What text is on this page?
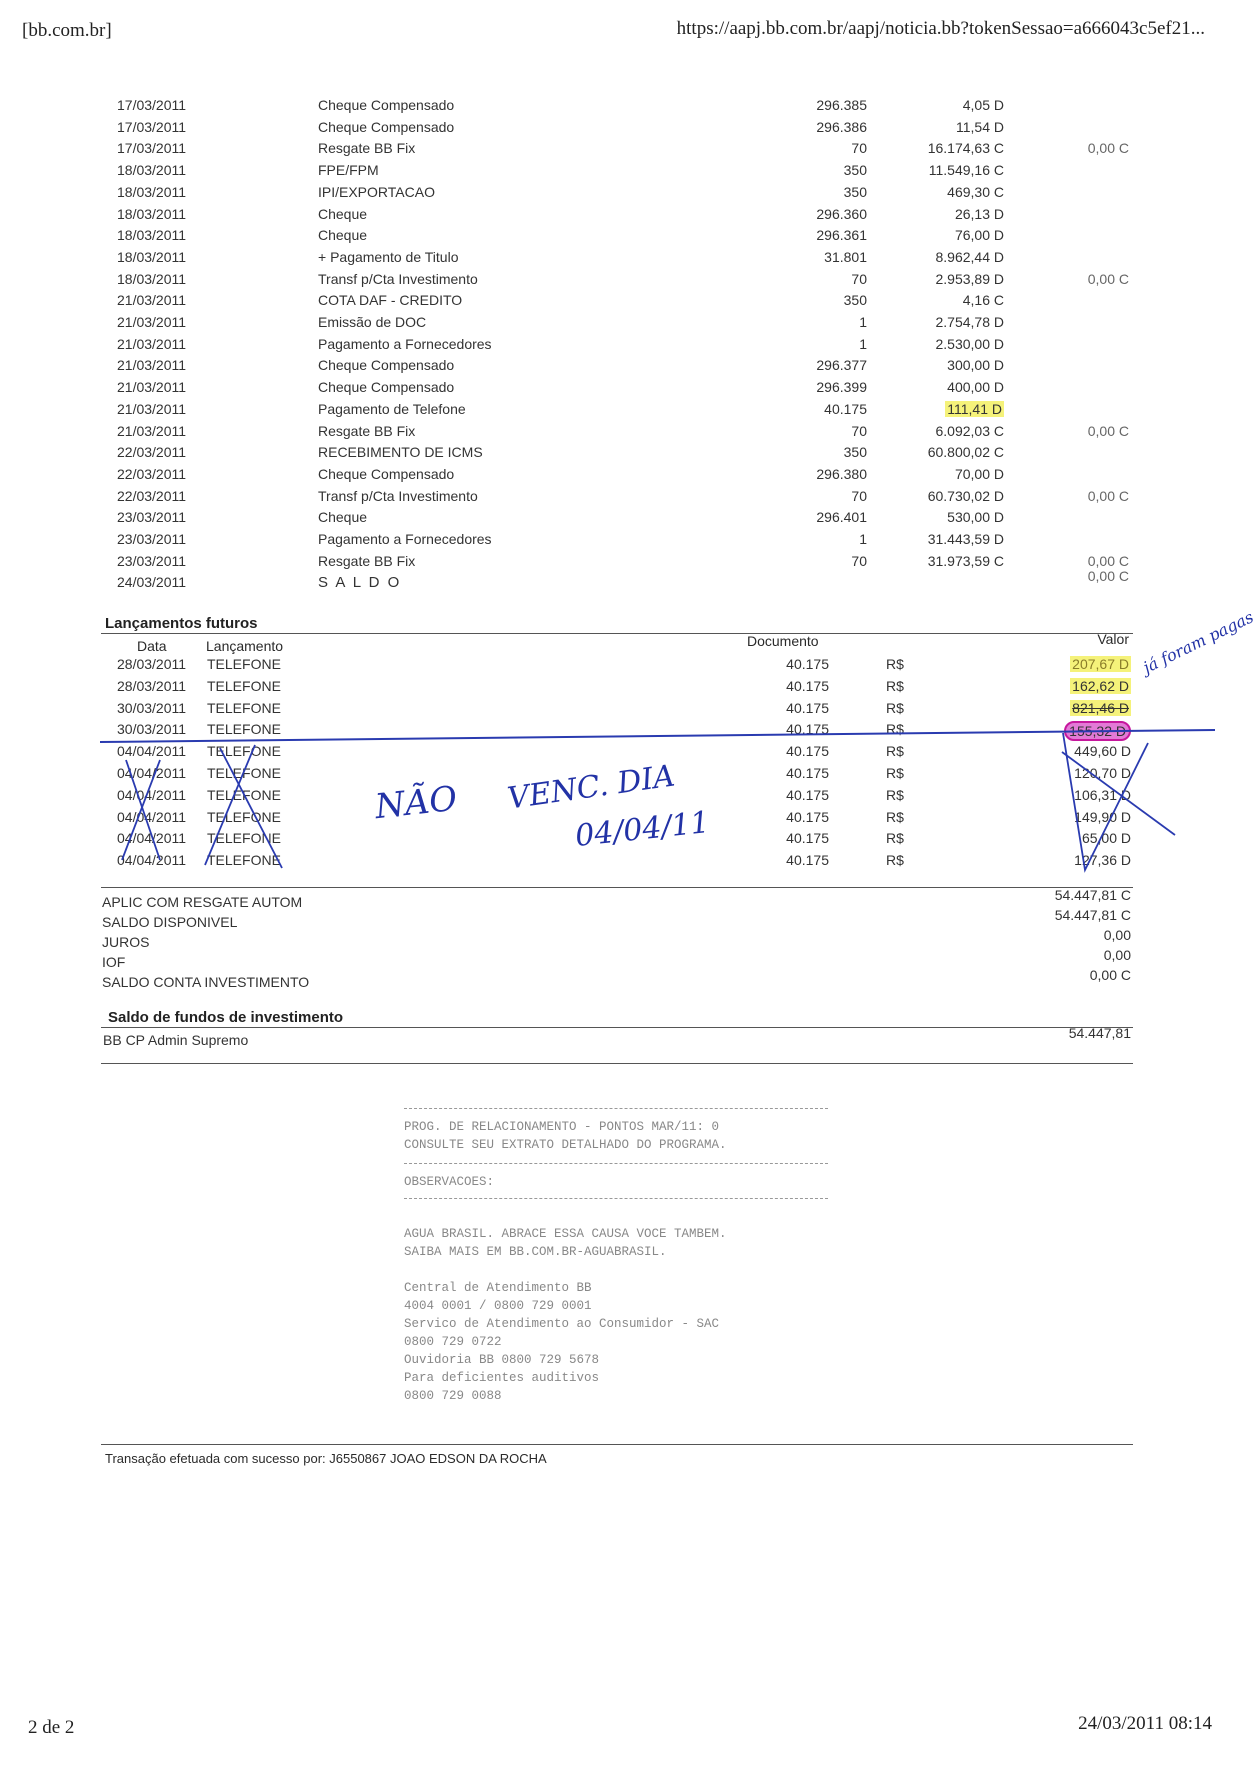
[bb.com.br]	https://aapj.bb.com.br/aapj/noticia.bb?tokenSessao=a666043c5ef21...
17/03/2011	Cheque Compensado	296.385	4,05 D
17/03/2011	Cheque Compensado	296.386	11,54 D
17/03/2011	Resgate BB Fix	70	16.174,63 C	0,00 C
18/03/2011	FPE/FPM	350	11.549,16 C
18/03/2011	IPI/EXPORTACAO	350	469,30 C
18/03/2011	Cheque	296.360	26,13 D
18/03/2011	Cheque	296.361	76,00 D
18/03/2011	+ Pagamento de Titulo	31.801	8.962,44 D
18/03/2011	Transf p/Cta Investimento	70	2.953,89 D	0,00 C
21/03/2011	COTA DAF - CREDITO	350	4,16 C
21/03/2011	Emissão de DOC	1	2.754,78 D
21/03/2011	Pagamento a Fornecedores	1	2.530,00 D
21/03/2011	Cheque Compensado	296.377	300,00 D
21/03/2011	Cheque Compensado	296.399	400,00 D
21/03/2011	Pagamento de Telefone	40.175	111,41 D
21/03/2011	Resgate BB Fix	70	6.092,03 C	0,00 C
22/03/2011	RECEBIMENTO DE ICMS	350	60.800,02 C
22/03/2011	Cheque Compensado	296.380	70,00 D
22/03/2011	Transf p/Cta Investimento	70	60.730,02 D	0,00 C
23/03/2011	Cheque	296.401	530,00 D
23/03/2011	Pagamento a Fornecedores	1	31.443,59 D
23/03/2011	Resgate BB Fix	70	31.973,59 C	0,00 C
24/03/2011	S A L D O	0,00 C
Lançamentos futuros
Data	Lançamento	Documento	Valor
28/03/2011 TELEFONE	40.175	R$	207,67 D
28/03/2011 TELEFONE	40.175	R$	162,62 D
30/03/2011 TELEFONE	40.175	R$	821,46 D
30/03/2011 TELEFONE	40.175	R$	155,32 D
04/04/2011 TELEFONE	40.175	R$	449,60 D
04/04/2011 TELEFONE	40.175	R$	120,70 D
04/04/2011 TELEFONE	40.175	R$	106,31 D
04/04/2011 TELEFONE	40.175	R$	149,90 D
04/04/2011 TELEFONE	40.175	R$	65,00 D
04/04/2011 TELEFONE	40.175	R$	127,36 D
APLIC COM RESGATE AUTOM	54.447,81 C
SALDO DISPONIVEL	54.447,81 C
JUROS	0,00
IOF	0,00
SALDO CONTA INVESTIMENTO	0,00 C
Saldo de fundos de investimento
BB CP Admin Supremo	54.447,81
PROG. DE RELACIONAMENTO - PONTOS MAR/11: 0
CONSULTE SEU EXTRATO DETALHADO DO PROGRAMA.
OBSERVACOES:
AGUA BRASIL. ABRACE ESSA CAUSA VOCE TAMBEM.
SAIBA MAIS EM BB.COM.BR-AGUABRASIL.
Central de Atendimento BB
4004 0001 / 0800 729 0001
Servico de Atendimento ao Consumidor - SAC
0800 729 0722
Ouvidoria BB 0800 729 5678
Para deficientes auditivos
0800 729 0088
Transação efetuada com sucesso por: J6550867 JOAO EDSON DA ROCHA
2 de 2	24/03/2011 08:14
NÃO VENC. DIA
04/04/11
já foram pagas
